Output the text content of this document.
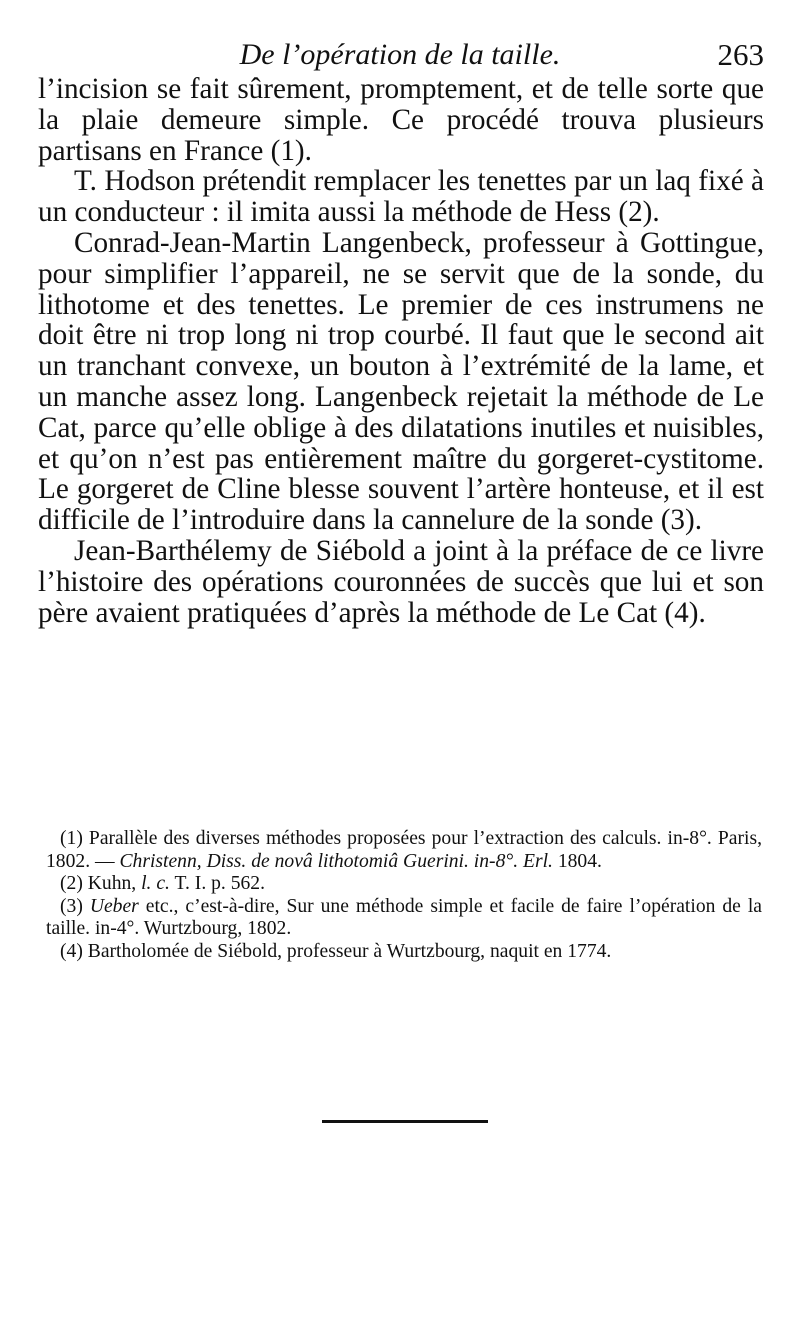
De l’opération de la taille.	263

l’incision se fait sûrement, promptement, et de telle sorte que la plaie demeure simple. Ce procédé trouva plusieurs partisans en France (1).

T. Hodson prétendit remplacer les tenettes par un laq fixé à un conducteur : il imita aussi la méthode de Hess (2).

Conrad-Jean-Martin Langenbeck, professeur à Gottingue, pour simplifier l’appareil, ne se servit que de la sonde, du lithotome et des tenettes. Le premier de ces instrumens ne doit être ni trop long ni trop courbé. Il faut que le second ait un tranchant convexe, un bouton à l’extrémité de la lame, et un manche assez long. Langenbeck rejetait la méthode de Le Cat, parce qu’elle oblige à des dilatations inutiles et nuisibles, et qu’on n’est pas entièrement maître du gorgeret-cystitome. Le gorgeret de Cline blesse souvent l’artère honteuse, et il est difficile de l’introduire dans la cannelure de la sonde (3).

Jean-Barthélemy de Siébold a joint à la préface de ce livre l’histoire des opérations couronnées de succès que lui et son père avaient pratiquées d’après la méthode de Le Cat (4).

(1) Parallèle des diverses méthodes proposées pour l’extraction des calculs. in-8°. Paris, 1802. — Christenn, Diss. de novâ lithotomiâ Guerini. in-8°. Erl. 1804.

(2) Kuhn, l. c. T. I. p. 562.

(3) Ueber etc., c’est-à-dire, Sur une méthode simple et facile de faire l’opération de la taille. in-4°. Wurtzbourg, 1802.

(4) Bartholomée de Siébold, professeur à Wurtzbourg, naquit en 1774.
